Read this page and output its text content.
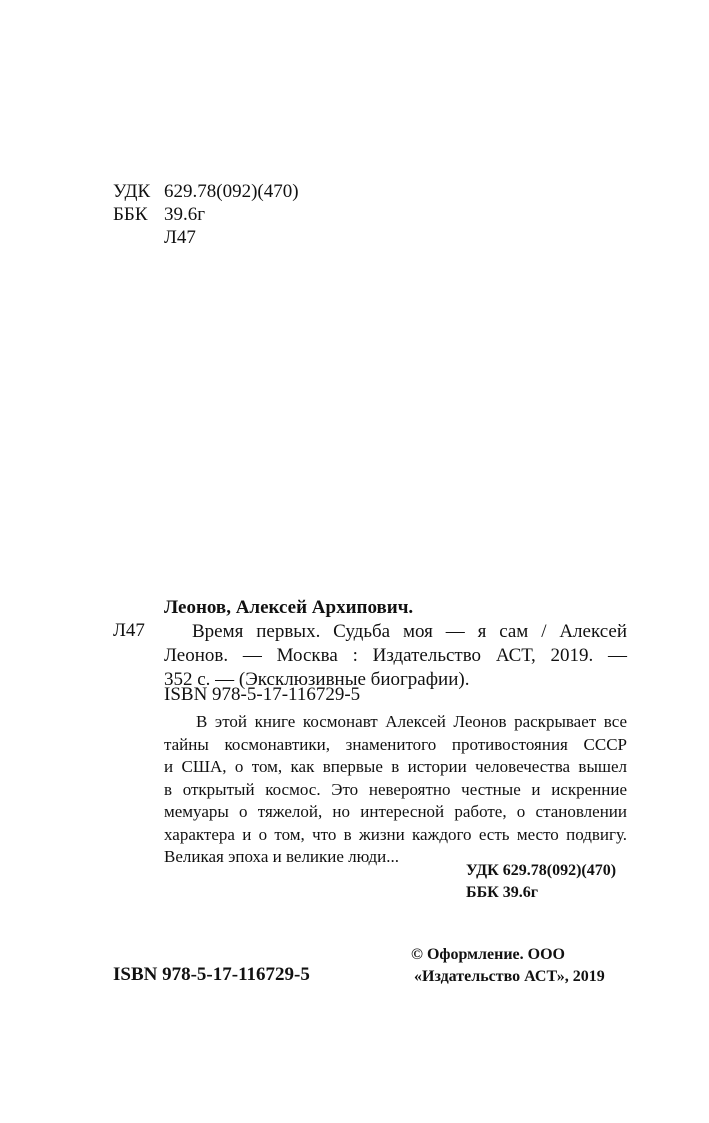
УДК 629.78(092)(470)
ББК 39.6г
Л47
Леонов, Алексей Архипович.
Л47	Время первых. Судьба моя — я сам / Алексей
Леонов. — Москва : Издательство АСТ, 2019. —
352 с. — (Эксклюзивные биографии).
ISBN 978-5-17-116729-5
В этой книге космонавт Алексей Леонов раскрывает все
тайны космонавтики, знаменитого противостояния СССР
и США, о том, как впервые в истории человечества вышел
в открытый космос. Это невероятно честные и искренние
мемуары о тяжелой, но интересной работе, о становлении
характера и о том, что в жизни каждого есть место подвигу.
Великая эпоха и великие люди...
УДК 629.78(092)(470)
ББК 39.6г
ISBN 978-5-17-116729-5
© Оформление. ООО
«Издательство АСТ», 2019
